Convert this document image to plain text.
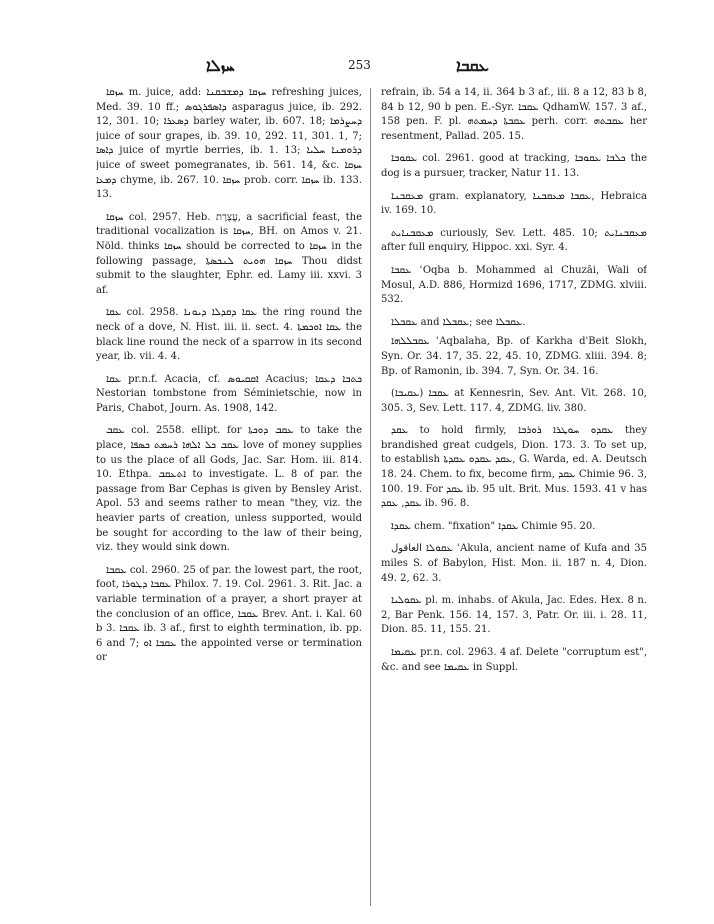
ܚܙܠܐ	253	ܥܩܒܐ

ܚܙܩܐ m. juice, add: ܚܙܩܐ ܕܡܫܒܩܢܐ refreshing juices, Med. 39. 10 ff.; ܕܐܣܦܪܓܘܣ asparagus juice, ib. 292. 12, 301. 10; ܕܣܥܪܐ barley water, ib. 607. 18; ܕܚܨܪܡܐ juice of sour grapes, ib. 39. 10, 292. 11, 301. 1, 7; ܕܐܣܐ juice of myrtle berries, ib. 1. 13; ܕܪܘܡܢܐ ܚܠܝܐ juice of sweet pomegranates, ib. 561. 14, &c. ܚܙܩܐ ܕܡܥܐ chyme, ib. 267. 10. ܚܙܩܐ prob. corr. ܚܙܩܐ ib. 133. 13.

ܚܙܩܐ col. 2957. Heb. עֲצֶרֶת, a sacrificial feast, the traditional vocalization is ܚܙܩܐ, BH. on Amos v. 21. Nöld. thinks ܚܙܩܐ should be corrected to ܚܙܩܐ in the following passage, ܚܙܩܐ ܗܘܝܬ ܠܢܟܣܬܐ Thou didst submit to the slaughter, Ephr. ed. Lamy iii. xxvi. 3 af.

ܥܩܐ col. 2958. ܥܩܐ ܕܩܕܠܐ ܕܝܘܢܐ the ring round the neck of a dove, N. Hist. iii. ii. sect. 4. ܥܩܐ ܐܘܟܡܬܐ the black line round the neck of a sparrow in its second year, ib. vii. 4. 4.

ܥܩܐ pr.n.f. Acacia, cf. ܐܩܩܝܘܣ Acacius; ܟܬܒܐ ܕܥܩܐ Nestorian tombstone from Séminietschie, now in Paris, Chabot, Journ. As. 1908, 142.

ܥܩܒ col. 2558. ellipt. for ܥܩܒ ܕܘܟܬܐ to take the place, ܥܩܒ ܟܠ ܐܠܗܐ ܪܚܡܬ ܟܣܦܐ love of money supplies to us the place of all Gods, Jac. Sar. Hom. iii. 814. 10. Ethpa. ܐܬܥܩܒ to investigate. L. 8 of par. the passage from Bar Cephas is given by Bensley Arist. Apol. 53 and seems rather to mean "they, viz. the heavier parts of creation, unless supported, would be sought for according to the law of their being, viz. they would sink down.

ܥܩܒܐ col. 2960. 25 of par. the lowest part, the root, foot, ܥܩܒܐ ܕܛܘܪܐ Philox. 7. 19. Col. 2961. 3. Rit. Jac. a variable termination of a prayer, a short prayer at the conclusion of an office, ܥܩܒܐ Brev. Ant. i. Kal. 60 b 3. ܥܩܒܐ ib. 3 af., first to eighth termination, ib. pp. 6 and 7; ܥܩܒܐ ܐܘ the appointed verse or termination or

refrain, ib. 54 a 14, ii. 364 b 3 af., iii. 8 a 12, 83 b 8, 84 b 12, 90 b pen. E.-Syr. ܥܩܒܐ QdhamW. 157. 3 af., 158 pen. F. pl. ܥܩܒܬܐ ܕܚܡܬܗ perh. corr. ܥܩܒܬܗ her resentment, Pallad. 205. 15.

ܥܩܘܒܐ col. 2961. good at tracking, ܟܠܒܐ ܥܩܘܒܐ the dog is a pursuer, tracker, Natur 11. 13.

ܡܥܩܒܢܐ gram. explanatory, ܥܩܒܐ ܡܥܩܒܢܐ, Hebraica iv. 169. 10.

ܡܥܩܒܢܐܝܬ curiously, Sev. Lett. 485. 10; ܡܥܩܒܢܐܝܬ after full enquiry, Hippoc. xxi. Syr. 4.

ܥܩܒܐ ʿOqba b. Mohammed al Chuzāi, Wali of Mosul, A.D. 886, Hormizd 1696, 1717, ZDMG. xlviii. 532.

ܥܩܒܠܐ and ܥܩܒܠܐ; see ܥܩܒܠܐ.

ܥܩܒܠܠܗܐ ʿAqbalaha, Bp. of Karkha d'Beit Slokh, Syn. Or. 34. 17, 35. 22, 45. 10, ZDMG. xliii. 394. 8; Bp. of Ramonin, ib. 394. 7, Syn. Or. 34. 16.

ܥܩܒܐ (ܥܩܝܒܐ) at Kennesrin, Sev. Ant. Vit. 268. 10, 305. 3, Sev. Lett. 117. 4, ZDMG. liv. 380.

ܥܩܕ to hold firmly, ܥܩܕܘ ܚܘܛܪܐ ܪܘܪܒܐ they brandished great cudgels, Dion. 173. 3. To set up, to establish ܥܩܕ ܥܩܕܘ ܥܩܕܬܐ, G. Warda, ed. A. Deutsch 18. 24. Chem. to fix, become firm, ܥܩܕ Chimie 96. 3, 100. 19. For ܥܩܕ ib. 95 ult. Brit. Mus. 1593. 41 v has ܥܩܕ, ܥܩܕ ib. 96. 8.

ܥܩܕܐ chem. "fixation" ܥܩܕܐ Chimie 95. 20.

ܥܩܘܠܐ العاقول ʿAkula, ancient name of Kufa and 35 miles S. of Babylon, Hist. Mon. ii. 187 n. 4, Dion. 49. 2, 62. 3.

ܥܩܘܠܝܐ pl. m. inhabs. of Akula, Jac. Edes. Hex. 8 n. 2, Bar Penk. 156. 14, 157. 3, Patr. Or. iii. i. 28. 11, Dion. 85. 11, 155. 21.

ܥܩܝܡܐ pr.n. col. 2963. 4 af. Delete "corruptum est", &c. and see ܥܩܝܡܐ in Suppl.
